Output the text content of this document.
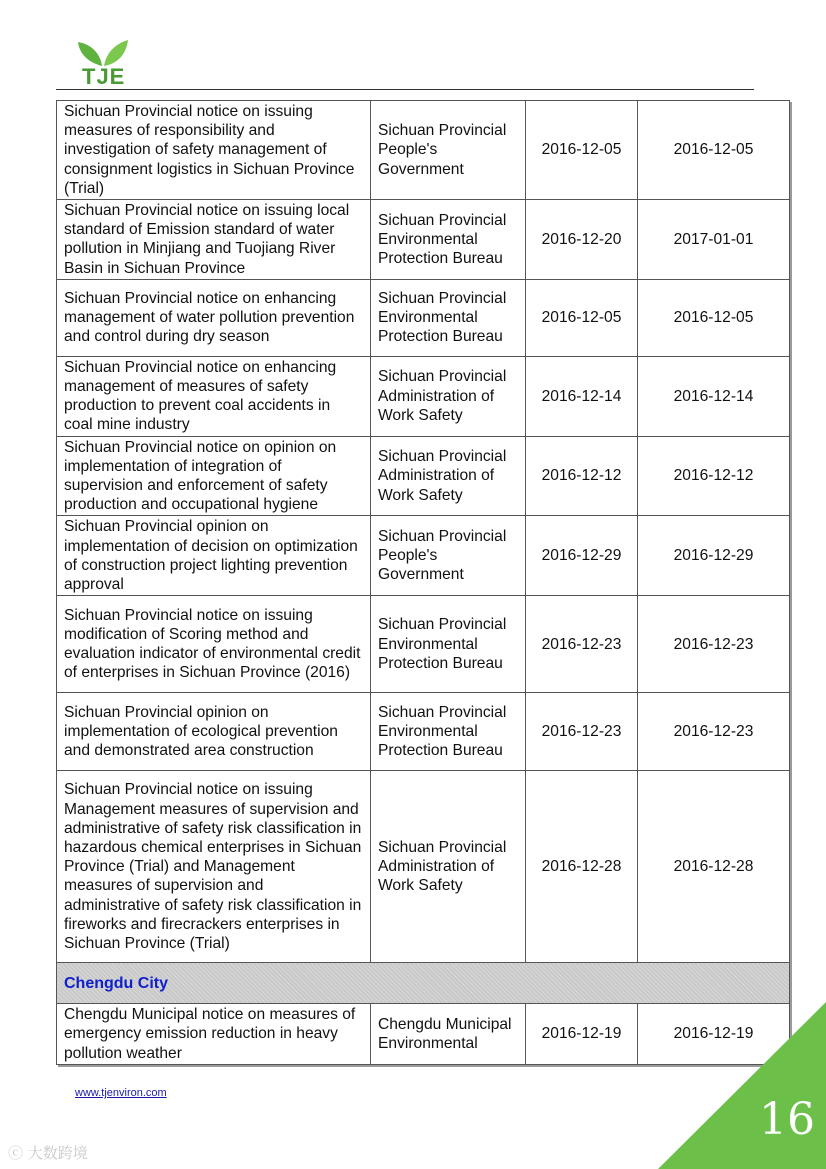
TJE
Sichuan Provincial notice on issuing measures of responsibility and investigation of safety management of consignment logistics in Sichuan Province (Trial)	Sichuan Provincial People's Government	2016-12-05	2016-12-05
Sichuan Provincial notice on issuing local standard of Emission standard of water pollution in Minjiang and Tuojiang River Basin in Sichuan Province	Sichuan Provincial Environmental Protection Bureau	2016-12-20	2017-01-01
Sichuan Provincial notice on enhancing management of water pollution prevention and control during dry season	Sichuan Provincial Environmental Protection Bureau	2016-12-05	2016-12-05
Sichuan Provincial notice on enhancing management of measures of safety production to prevent coal accidents in coal mine industry	Sichuan Provincial Administration of Work Safety	2016-12-14	2016-12-14
Sichuan Provincial notice on opinion on implementation of integration of supervision and enforcement of safety production and occupational hygiene	Sichuan Provincial Administration of Work Safety	2016-12-12	2016-12-12
Sichuan Provincial opinion on implementation of decision on optimization of construction project lighting prevention approval	Sichuan Provincial People's Government	2016-12-29	2016-12-29
Sichuan Provincial notice on issuing modification of Scoring method and evaluation indicator of environmental credit of enterprises in Sichuan Province (2016)	Sichuan Provincial Environmental Protection Bureau	2016-12-23	2016-12-23
Sichuan Provincial opinion on implementation of ecological prevention and demonstrated area construction	Sichuan Provincial Environmental Protection Bureau	2016-12-23	2016-12-23
Sichuan Provincial notice on issuing Management measures of supervision and administrative of safety risk classification in hazardous chemical enterprises in Sichuan Province (Trial) and Management measures of supervision and administrative of safety risk classification in fireworks and firecrackers enterprises in Sichuan Province (Trial)	Sichuan Provincial Administration of Work Safety	2016-12-28	2016-12-28
Chengdu City			
Chengdu Municipal notice on measures of emergency emission reduction in heavy pollution weather	Chengdu Municipal Environmental	2016-12-19	2016-12-19
www.tjenviron.com
16
ⓒ 大数跨境
